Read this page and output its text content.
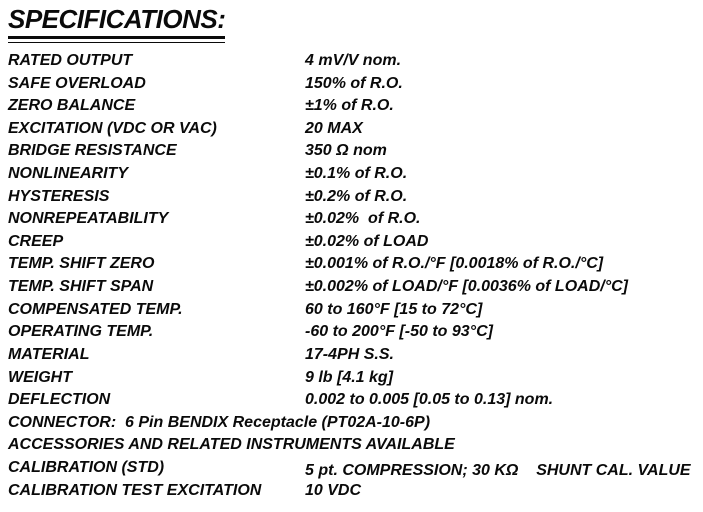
SPECIFICATIONS:
RATED OUTPUT	4 mV/V nom.
SAFE OVERLOAD	150% of R.O.
ZERO BALANCE	±1% of R.O.
EXCITATION (VDC OR VAC)	20 MAX
BRIDGE RESISTANCE	350 Ω nom
NONLINEARITY	±0.1% of R.O.
HYSTERESIS	±0.2% of R.O.
NONREPEATABILITY	±0.02%  of R.O.
CREEP	±0.02% of LOAD
TEMP. SHIFT ZERO	±0.001% of R.O./°F [0.0018% of R.O./°C]
TEMP. SHIFT SPAN	±0.002% of LOAD/°F [0.0036% of LOAD/°C]
COMPENSATED TEMP.	60 to 160°F [15 to 72°C]
OPERATING TEMP.	-60 to 200°F [-50 to 93°C]
MATERIAL	17-4PH S.S.
WEIGHT	9 lb [4.1 kg]
DEFLECTION	0.002 to 0.005 [0.05 to 0.13] nom.
CONNECTOR:  6 Pin BENDIX Receptacle (PT02A-10-6P)
ACCESSORIES AND RELATED INSTRUMENTS AVAILABLE
CALIBRATION (STD)	5 pt. COMPRESSION; 30 KΩ    SHUNT CAL. VALUE
CALIBRATION TEST EXCITATION	10 VDC
